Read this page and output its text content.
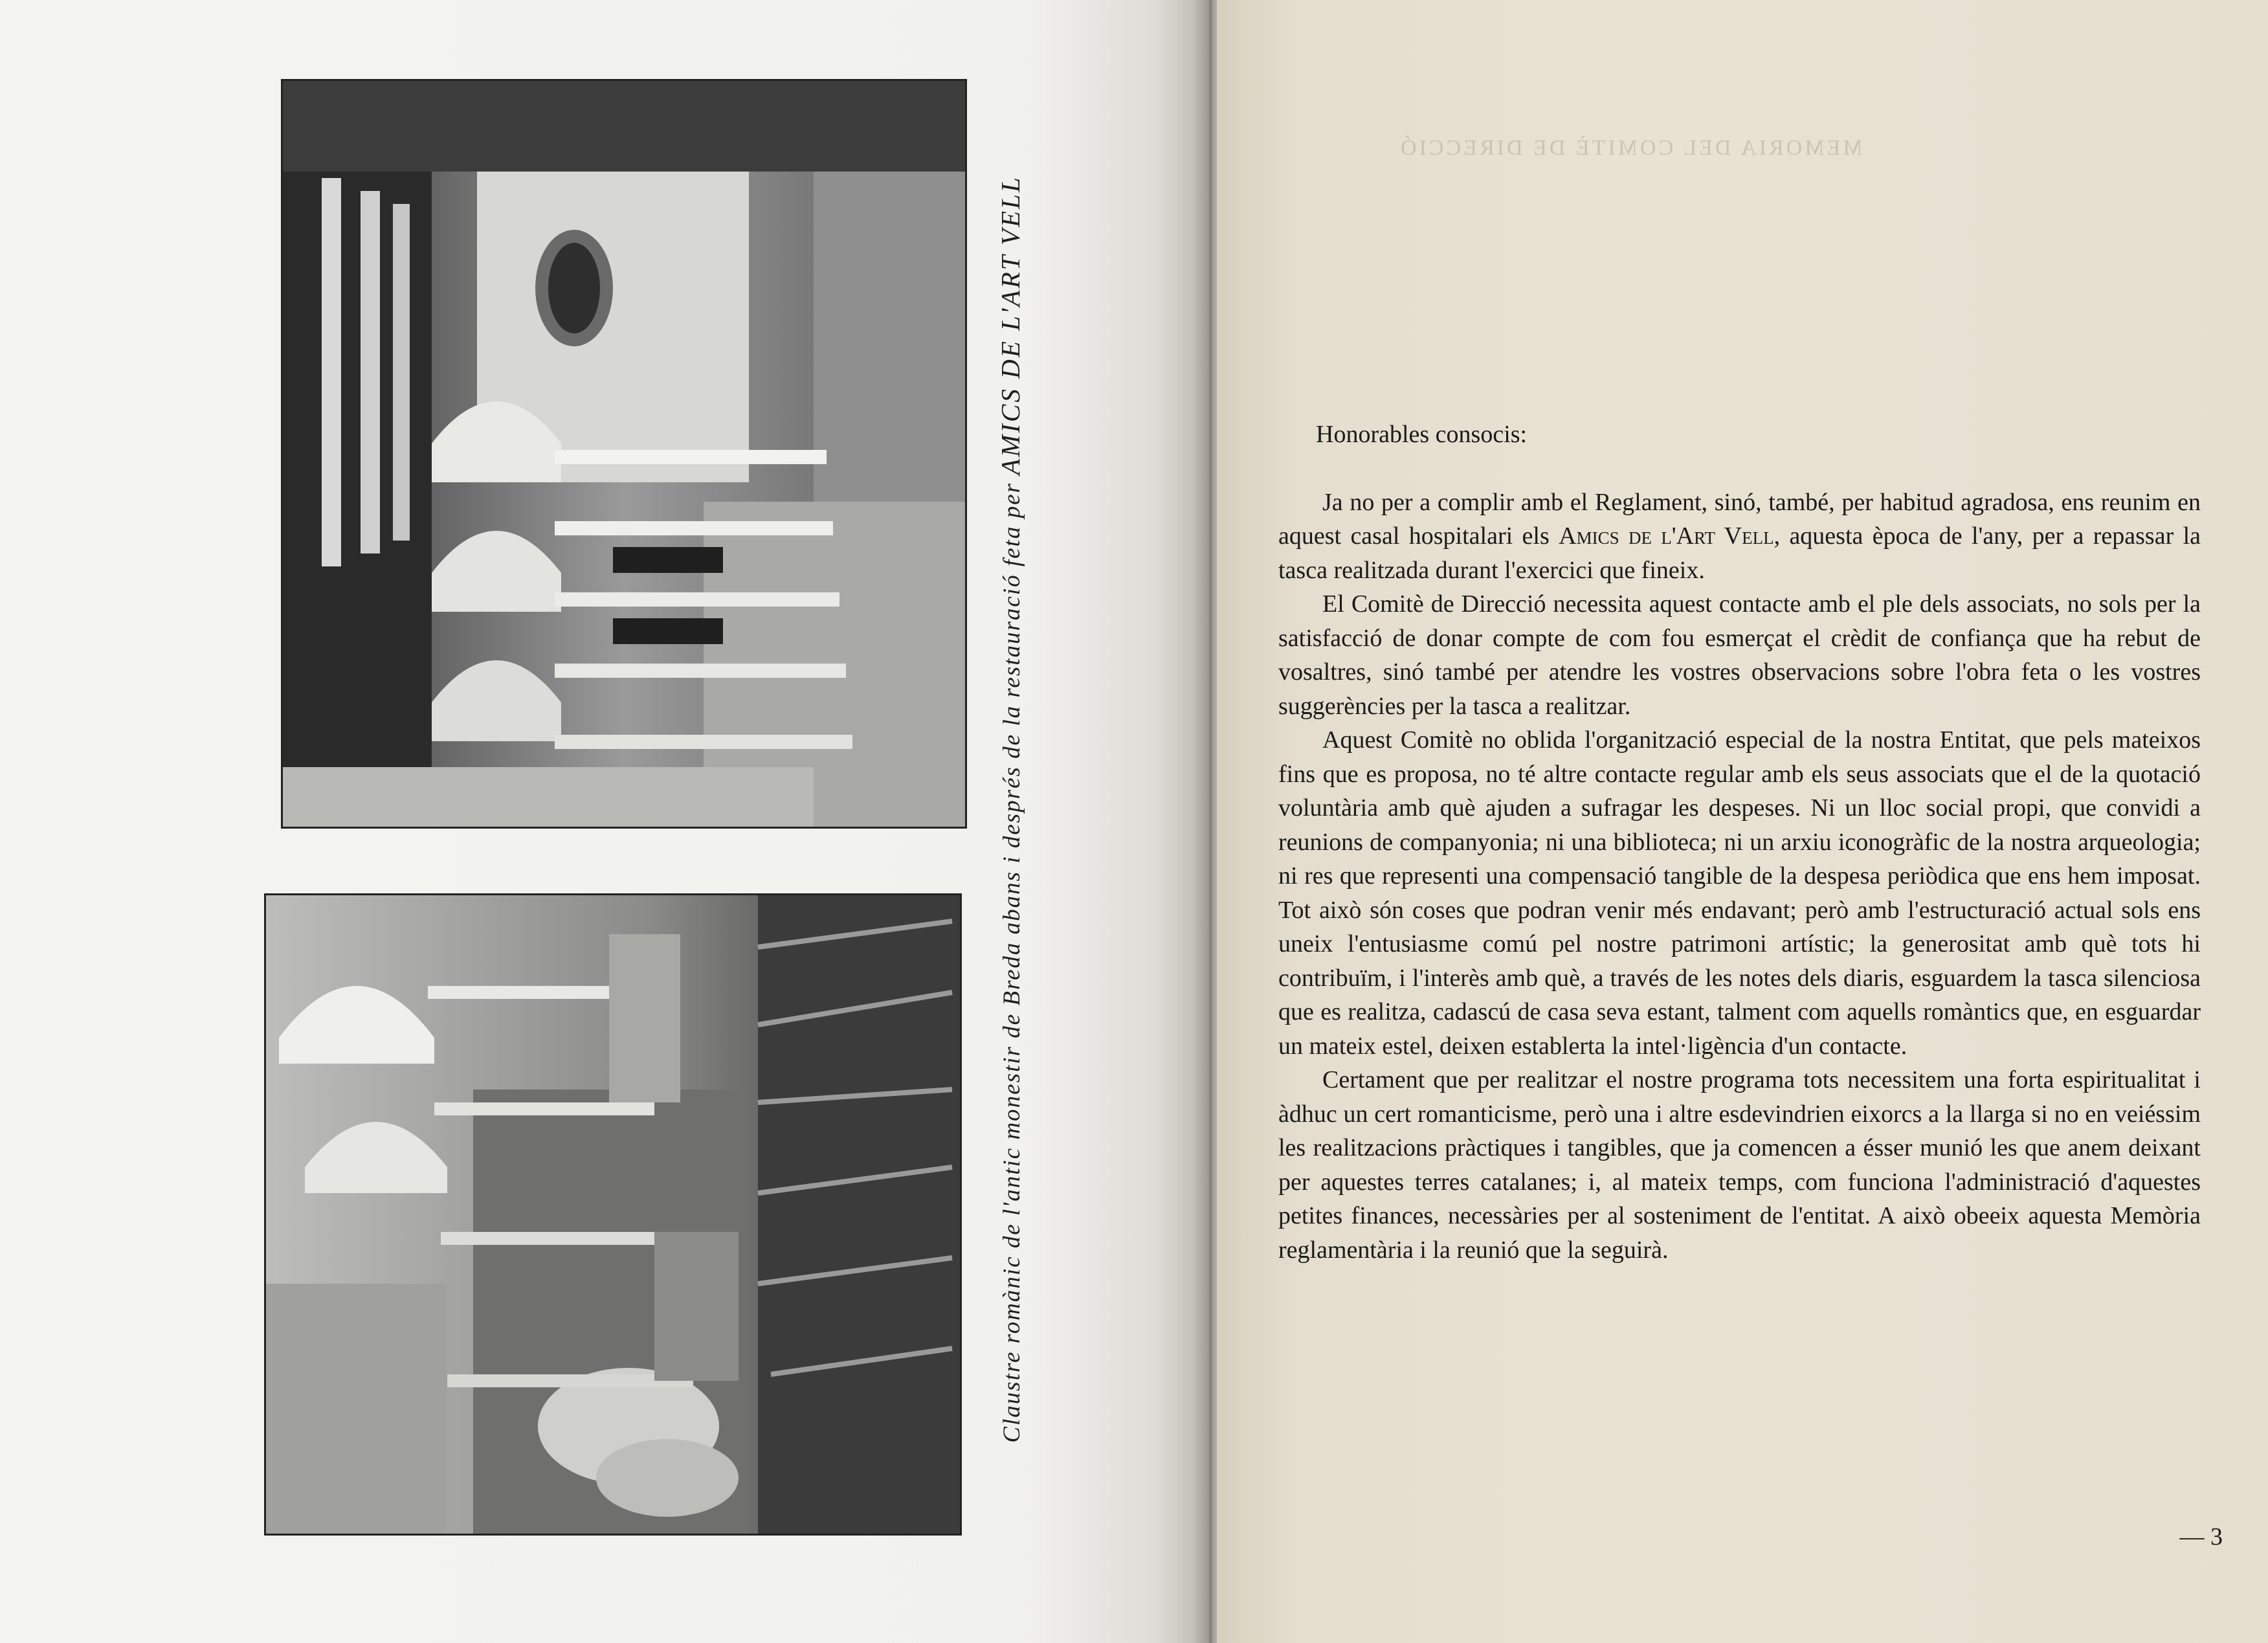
Claustre romànic de l'antic monestir de Breda abans i després de la restauració feta per AMICS DE L'ART VELL
MEMORIA DEL COMITÈ DE DIRECCIÓ
Honorables consocis:

Ja no per a complir amb el Reglament, sinó, també, per habitud agradosa, ens reunim en aquest casal hospitalari els Amics de l'Art Vell, aquesta època de l'any, per a repassar la tasca realitzada durant l'exercici que fineix.

El Comitè de Direcció necessita aquest contacte amb el ple dels associats, no sols per la satisfacció de donar compte de com fou esmerçat el crèdit de confiança que ha rebut de vosaltres, sinó també per atendre les vostres observacions sobre l'obra feta o les vostres suggerències per la tasca a realitzar.

Aquest Comitè no oblida l'organització especial de la nostra Entitat, que pels mateixos fins que es proposa, no té altre contacte regular amb els seus associats que el de la quotació voluntària amb què ajuden a sufragar les despeses. Ni un lloc social propi, que convidi a reunions de companyonia; ni una biblioteca; ni un arxiu iconogràfic de la nostra arqueologia; ni res que representi una compensació tangible de la despesa periòdica que ens hem imposat. Tot això són coses que podran venir més endavant; però amb l'estructuració actual sols ens uneix l'entusiasme comú pel nostre patrimoni artístic; la generositat amb què tots hi contribuïm, i l'interès amb què, a través de les notes dels diaris, esguardem la tasca silenciosa que es realitza, cadascú de casa seva estant, talment com aquells romàntics que, en esguardar un mateix estel, deixen establerta la intel·ligència d'un contacte.

Certament que per realitzar el nostre programa tots necessitem una forta espiritualitat i àdhuc un cert romanticisme, però una i altre esdevindrien eixorcs a la llarga si no en veiéssim les realitzacions pràctiques i tangibles, que ja comencen a ésser munió les que anem deixant per aquestes terres catalanes; i, al mateix temps, com funciona l'administració d'aquestes petites finances, necessàries per al sosteniment de l'entitat. A això obeeix aquesta Memòria reglamentària i la reunió que la seguirà.

— 3
